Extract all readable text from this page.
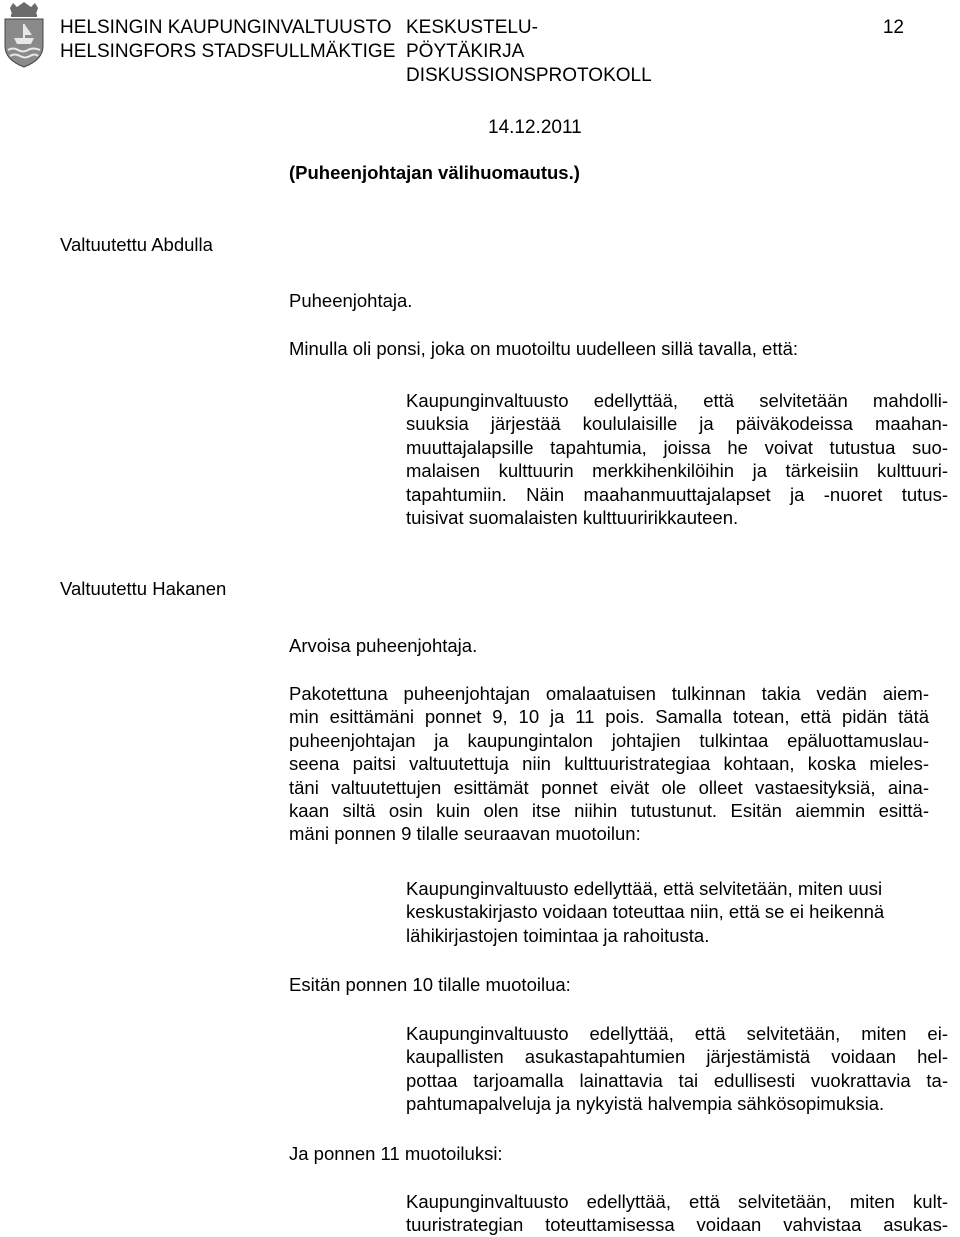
HELSINGIN KAUPUNGINVALTUUSTO
HELSINGFORS STADSFULLMÄKTIGE
KESKUSTELU-
PÖYTÄKIRJA
DISKUSSIONSPROTOKOLL
12
14.12.2011

(Puheenjohtajan välihuomautus.)

Valtuutettu Abdulla

Puheenjohtaja.

Minulla oli ponsi, joka on muotoiltu uudelleen sillä tavalla, että:

Kaupunginvaltuusto edellyttää, että selvitetään mahdolli-
suuksia järjestää koululaisille ja päiväkodeissa maahan-
muuttajalapsille tapahtumia, joissa he voivat tutustua suo-
malaisen kulttuurin merkkihenkilöihin ja tärkeisiin kulttuuri-
tapahtumiin. Näin maahanmuuttajalapset ja -nuoret tutus-
tuisivat suomalaisten kulttuuririkkauteen.

Valtuutettu Hakanen

Arvoisa puheenjohtaja.

Pakotettuna puheenjohtajan omalaatuisen tulkinnan takia vedän aiem-
min esittämäni ponnet 9, 10 ja 11 pois. Samalla totean, että pidän tätä
puheenjohtajan ja kaupungintalon johtajien tulkintaa epäluottamuslau-
seena paitsi valtuutettuja niin kulttuuristrategiaa kohtaan, koska mieles-
täni valtuutettujen esittämät ponnet eivät ole olleet vastaesityksiä, aina-
kaan siltä osin kuin olen itse niihin tutustunut. Esitän aiemmin esittä-
mäni ponnen 9 tilalle seuraavan muotoilun:
Kaupunginvaltuusto edellyttää, että selvitetään, miten uusi
keskustakirjasto voidaan toteuttaa niin, että se ei heikennä
lähikirjastojen toimintaa ja rahoitusta.

Esitän ponnen 10 tilalle muotoilua:

Kaupunginvaltuusto edellyttää, että selvitetään, miten ei-
kaupallisten asukastapahtumien järjestämistä voidaan hel-
pottaa tarjoamalla lainattavia tai edullisesti vuokrattavia ta-
pahtumapalveluja ja nykyistä halvempia sähkösopimuksia.

Ja ponnen 11 muotoiluksi:

Kaupunginvaltuusto edellyttää, että selvitetään, miten kult-
tuuristrategian toteuttamisessa voidaan vahvistaa asukas-
